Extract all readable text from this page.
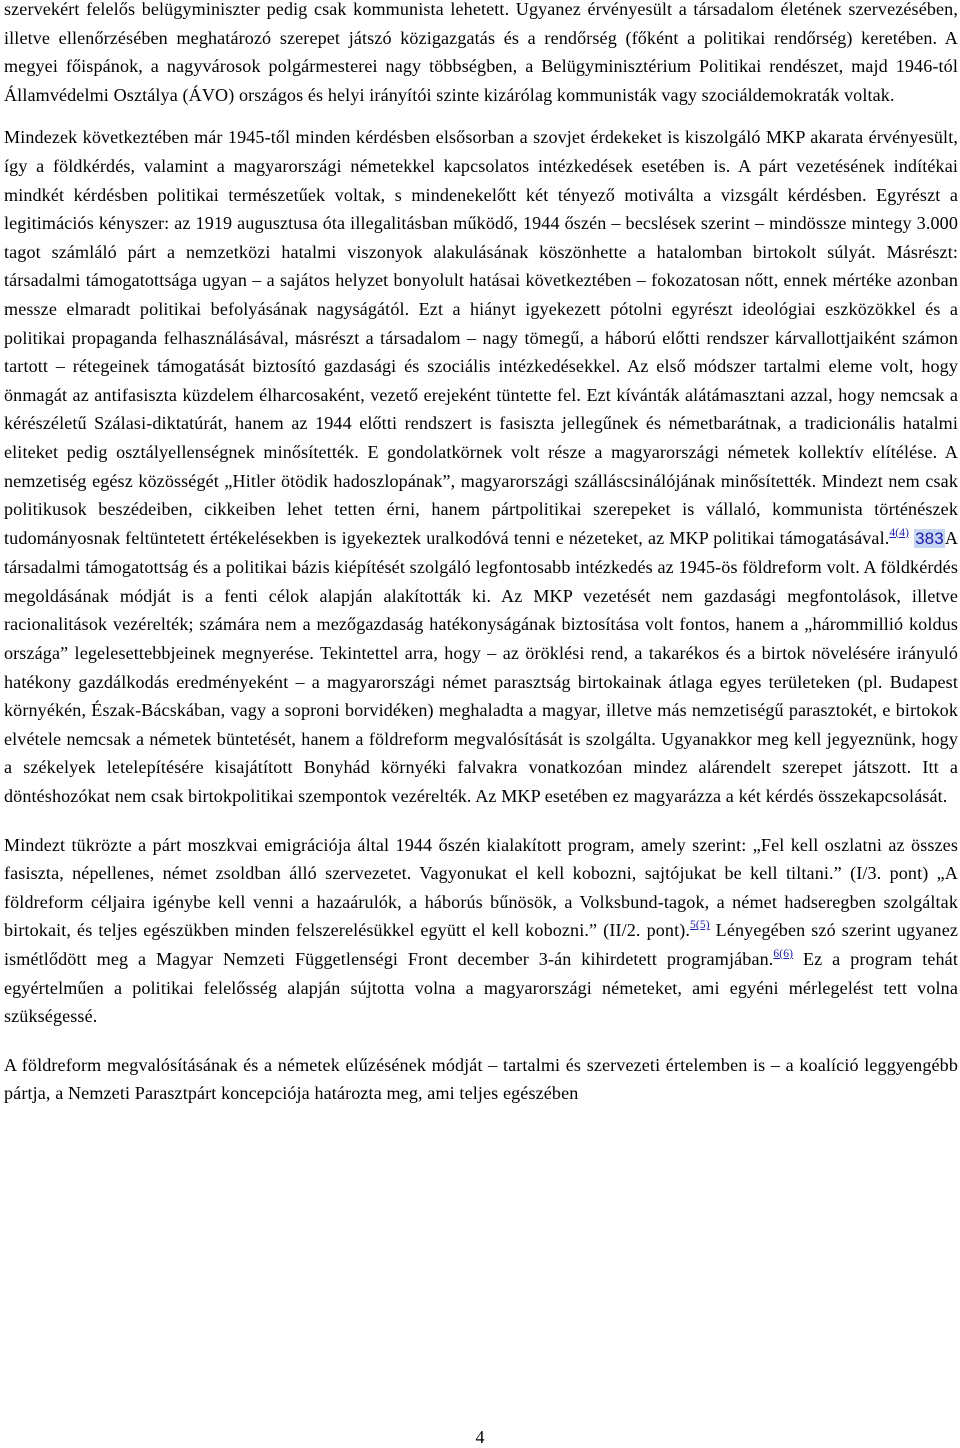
szervekért felelős belügyminiszter pedig csak kommunista lehetett. Ugyanez érvényesült a társadalom életének szervezésében, illetve ellenőrzésében meghatározó szerepet játszó közigazgatás és a rendőrség (főként a politikai rendőrség) keretében. A megyei főispánok, a nagyvárosok polgármesterei nagy többségben, a Belügyminisztérium Politikai rendészet, majd 1946-tól Államvédelmi Osztálya (ÁVO) országos és helyi irányítói szinte kizárólag kommunisták vagy szociáldemokraták voltak.

Mindezek következtében már 1945-től minden kérdésben elsősorban a szovjet érdekeket is kiszolgáló MKP akarata érvényesült, így a földkérdés, valamint a magyarországi németekkel kapcsolatos intézkedések esetében is. A párt vezetésének indítékai mindkét kérdésben politikai természetűek voltak, s mindenekelőtt két tényező motiválta a vizsgált kérdésben. Egyrészt a legitimációs kényszer: az 1919 augusztusa óta illegalitásban működő, 1944 őszén – becslések szerint – mindössze mintegy 3.000 tagot számláló párt a nemzetközi hatalmi viszonyok alakulásának köszönhette a hatalomban birtokolt súlyát. Másrészt: társadalmi támogatottsága ugyan – a sajátos helyzet bonyolult hatásai következtében – fokozatosan nőtt, ennek mértéke azonban messze elmaradt politikai befolyásának nagyságától. Ezt a hiányt igyekezett pótolni egyrészt ideológiai eszközökkel és a politikai propaganda felhasználásával, másrészt a társadalom – nagy tömegű, a háború előtti rendszer kárvallottjaiként számon tartott – rétegeinek támogatását biztosító gazdasági és szociális intézkedésekkel. Az első módszer tartalmi eleme volt, hogy önmagát az antifasiszta küzdelem élharcosaként, vezető erejeként tüntette fel. Ezt kívánták alátámasztani azzal, hogy nemcsak a kérészéletű Szálasi-diktatúrát, hanem az 1944 előtti rendszert is fasiszta jellegűnek és németbarátnak, a tradicionális hatalmi eliteket pedig osztályellenségnek minősítették. E gondolatkörnek volt része a magyarországi németek kollektív elítélése. A nemzetiség egész közösségét „Hitler ötödik hadoszlopának”, magyarországi szálláscsinálójának minősítették. Mindezt nem csak politikusok beszédeiben, cikkeiben lehet tetten érni, hanem pártpolitikai szerepeket is vállaló, kommunista történészek tudományosnak feltüntetett értékelésekben is igyekeztek uralkodóvá tenni e nézeteket, az MKP politikai támogatásával.$^{4(4)}$ 383A társadalmi támogatottság és a politikai bázis kiépítését szolgáló legfontosabb intézkedés az 1945-ös földreform volt. A földkérdés megoldásának módját is a fenti célok alapján alakították ki. Az MKP vezetését nem gazdasági megfontolások, illetve racionalitások vezérelték; számára nem a mezőgazdaság hatékonyságának biztosítása volt fontos, hanem a „hárommillió koldus országa” legelesettebbjeinek megnyerése. Tekintettel arra, hogy – az öröklési rend, a takarékos és a birtok növelésére irányuló hatékony gazdálkodás eredményeként – a magyarországi német parasztság birtokainak átlaga egyes területeken (pl. Budapest környékén, Észak-Bácskában, vagy a soproni borvidéken) meghaladta a magyar, illetve más nemzetiségű parasztokét, e birtokok elvétele nemcsak a németek büntetését, hanem a földreform megvalósítását is szolgálta. Ugyanakkor meg kell jegyeznünk, hogy a székelyek letelepítésére kisajátított Bonyhád környéki falvakra vonatkozóan mindez alárendelt szerepet játszott. Itt a döntéshozókat nem csak birtokpolitikai szempontok vezérelték. Az MKP esetében ez magyarázza a két kérdés összekapcsolását.

Mindezt tükrözte a párt moszkvai emigrációja által 1944 őszén kialakított program, amely szerint: „Fel kell oszlatni az összes fasiszta, népellenes, német zsoldban álló szervezetet. Vagyonukat el kell kobozni, sajtójukat be kell tiltani.” (I/3. pont) „A földreform céljaira igénybe kell venni a hazaárulók, a háborús bűnösök, a Volksbund-tagok, a német hadseregben szolgáltak birtokait, és teljes egészükben minden felszerelésükkel együtt el kell kobozni.” (II/2. pont).$^{5(5)}$ Lényegében szó szerint ugyanez ismétlődött meg a Magyar Nemzeti Függetlenségi Front december 3-án kihirdetett programjában.$^{6(6)}$ Ez a program tehát egyértelműen a politikai felelősség alapján sújtotta volna a magyarországi németeket, ami egyéni mérlegelést tett volna szükségessé.

A földreform megvalósításának és a németek elűzésének módját – tartalmi és szervezeti értelemben is – a koalíció leggyengébb pártja, a Nemzeti Parasztpárt koncepciója határozta meg, ami teljes egészében

4
